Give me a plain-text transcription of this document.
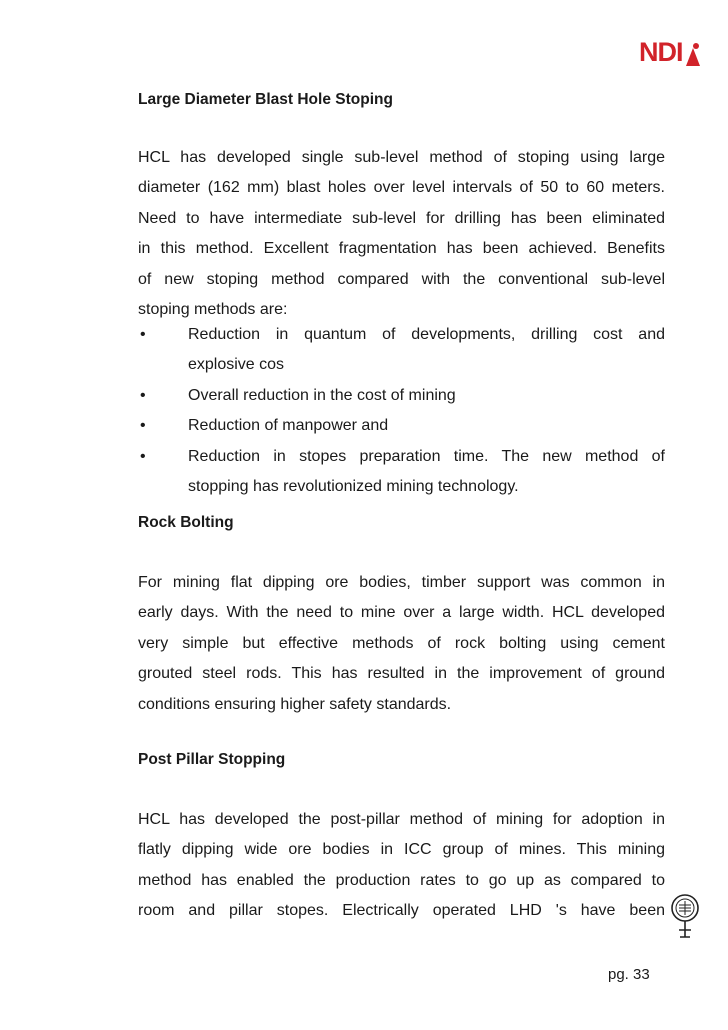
NDI
Large Diameter Blast Hole Stoping
HCL has developed single sub-level method of stoping using large
diameter (162 mm) blast holes over level intervals of 50 to 60 meters.
Need to have intermediate sub-level for drilling has been eliminated
in this method. Excellent fragmentation has been achieved. Benefits
of new stoping method compared with the conventional sub-level
stoping methods are:
•	Reduction in quantum of developments, drilling cost and
explosive cos
•	Overall reduction in the cost of mining
•	Reduction of manpower and
•	Reduction in stopes preparation time. The new method of
stopping has revolutionized mining technology.
Rock Bolting
For mining flat dipping ore bodies, timber support was common in
early days. With the need to mine over a large width. HCL developed
very simple but effective methods of rock bolting using cement
grouted steel rods. This has resulted in the improvement of ground
conditions ensuring higher safety standards.
Post Pillar Stopping
HCL has developed the post-pillar method of mining for adoption in
flatly dipping wide ore bodies in ICC group of mines. This mining
method has enabled the production rates to go up as compared to
room and pillar stopes. Electrically operated LHD 's have been
pg. 33
